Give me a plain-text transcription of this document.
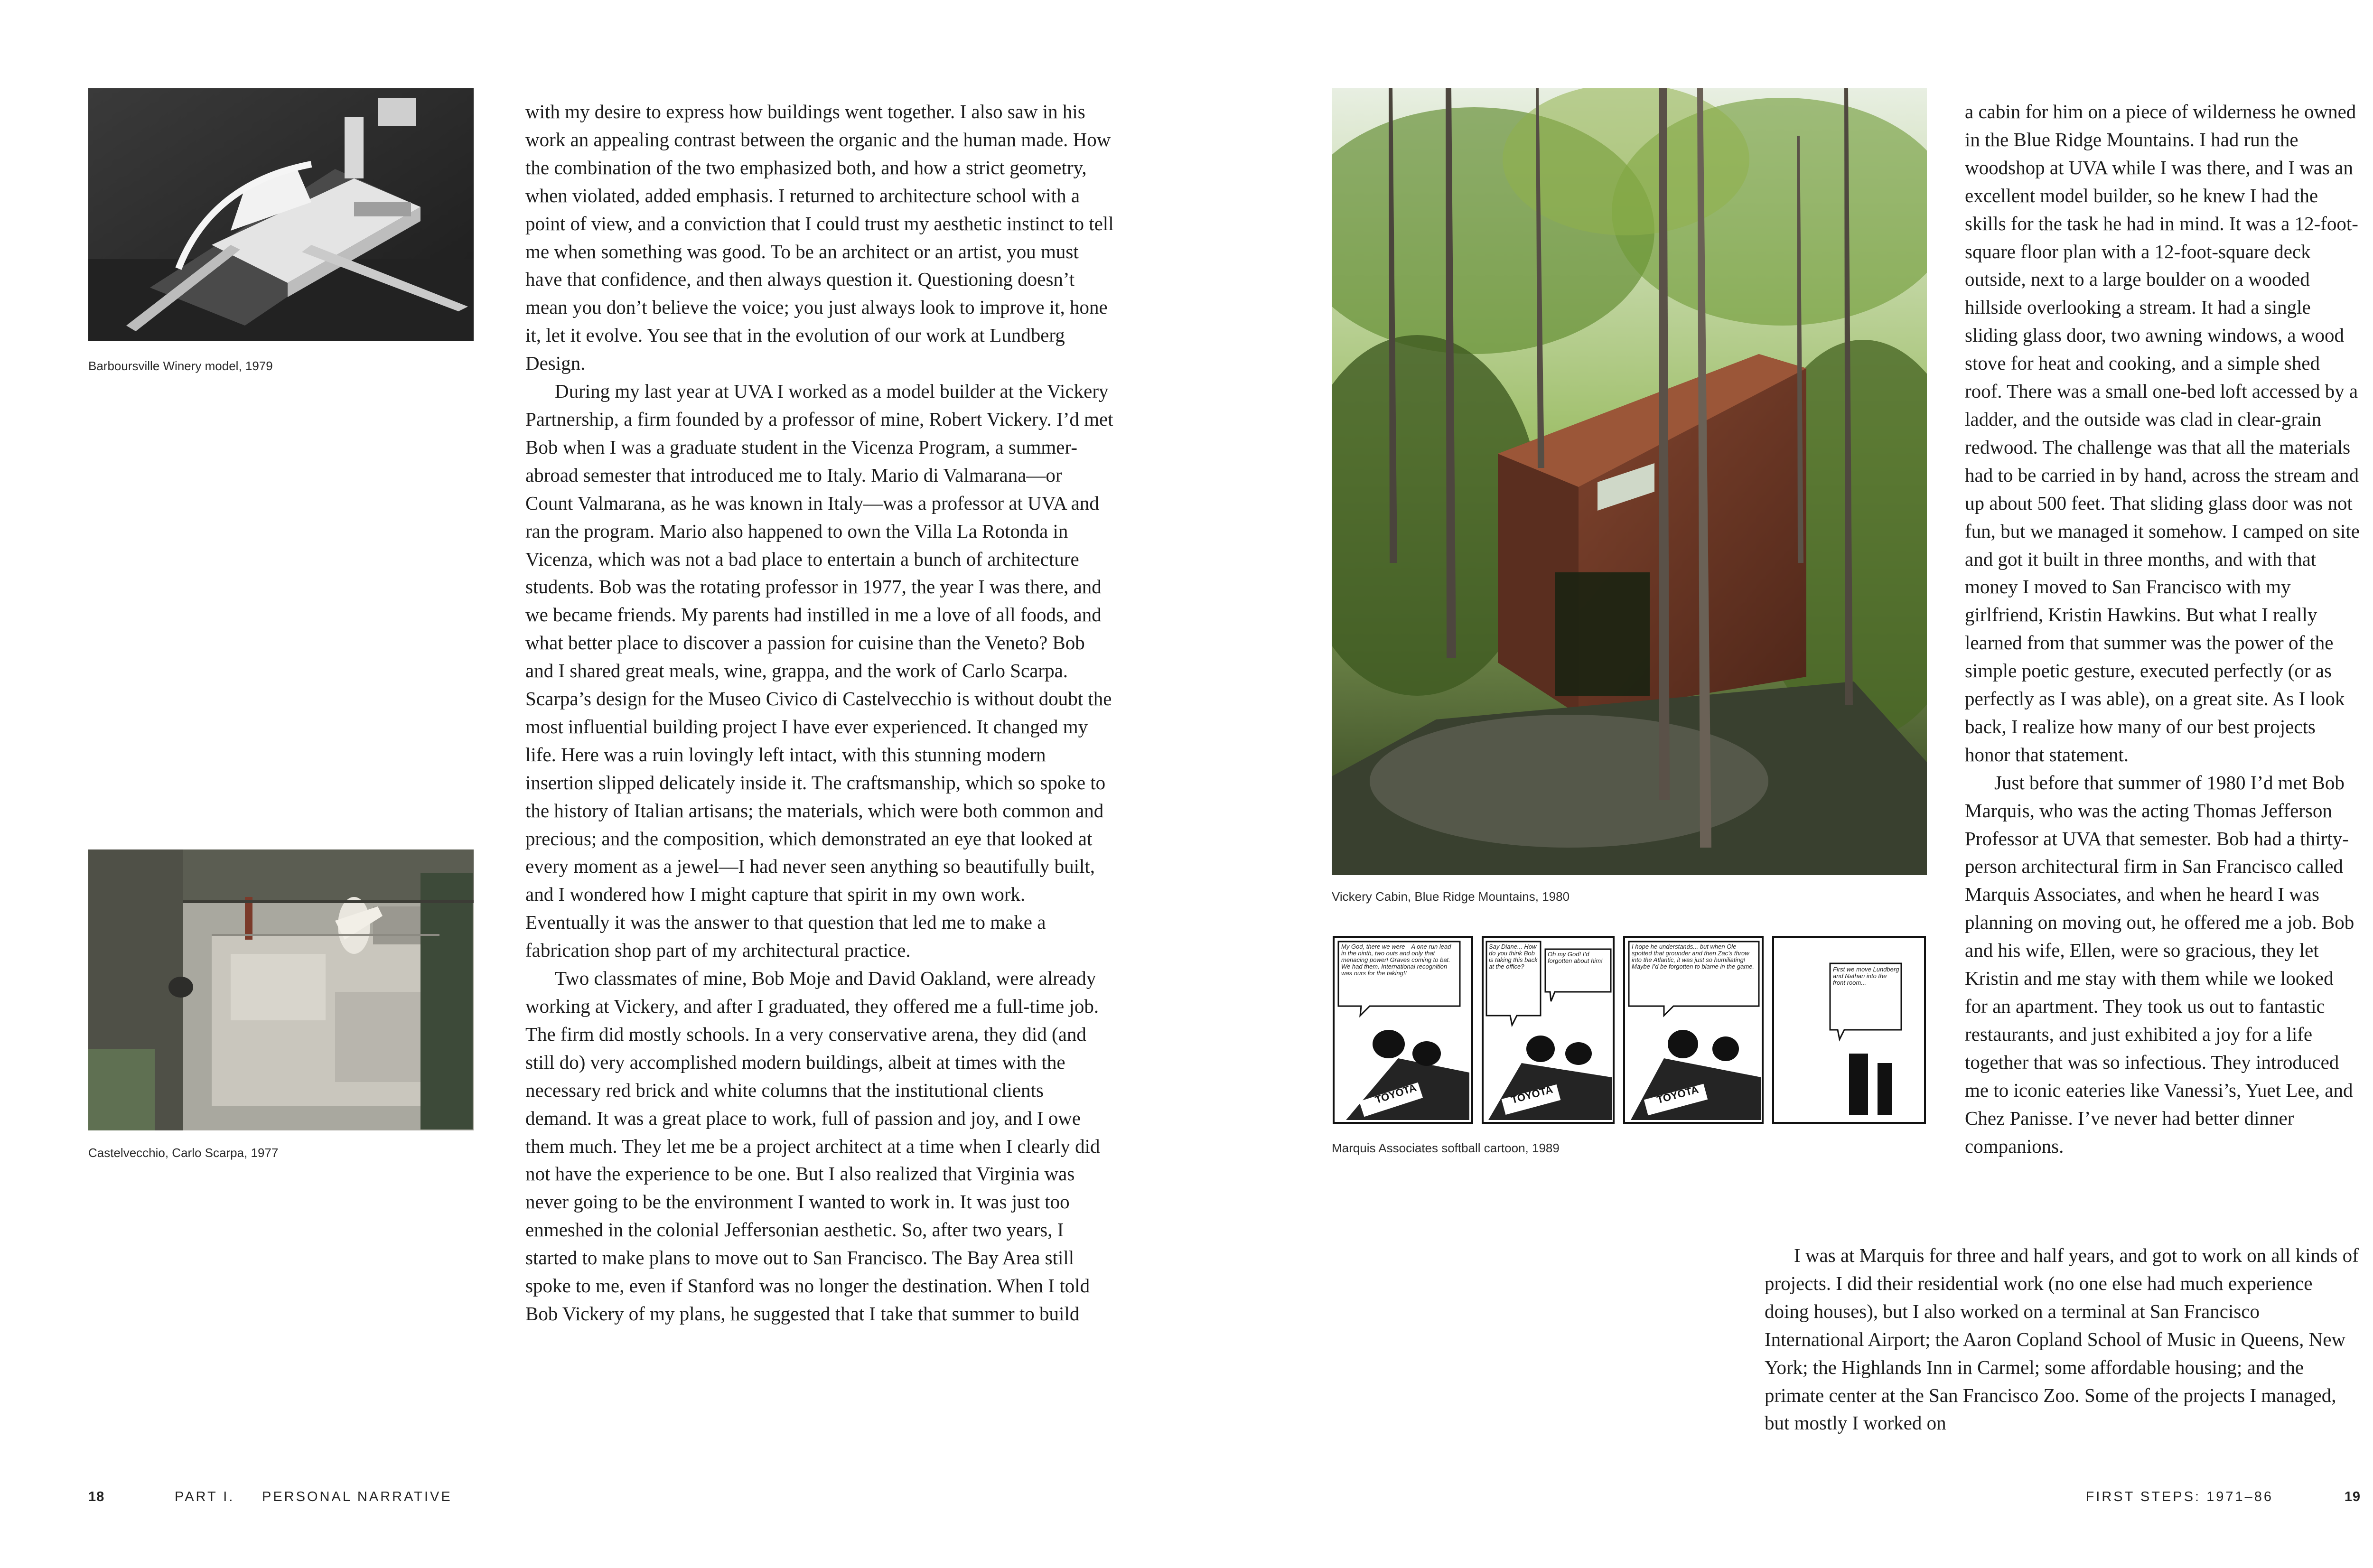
Barboursville Winery model, 1979
Castelvecchio, Carlo Scarpa, 1977

with my desire to express how buildings went together. I also saw in his work an appealing contrast between the organic and the human made. How the combination of the two emphasized both, and how a strict geometry, when violated, added emphasis. I returned to architecture school with a point of view, and a conviction that I could trust my aesthetic instinct to tell me when something was good. To be an architect or an artist, you must have that confidence, and then always question it. Questioning doesn’t mean you don’t believe the voice; you just always look to improve it, hone it, let it evolve. You see that in the evolution of our work at Lundberg Design.

During my last year at UVA I worked as a model builder at the Vickery Partnership, a firm founded by a professor of mine, Robert Vickery. I’d met Bob when I was a graduate student in the Vicenza Program, a summer-abroad semester that introduced me to Italy. Mario di Valmarana—or Count Valmarana, as he was known in Italy—was a professor at UVA and ran the program. Mario also happened to own the Villa La Rotonda in Vicenza, which was not a bad place to entertain a bunch of architecture students. Bob was the rotating professor in 1977, the year I was there, and we became friends. My parents had instilled in me a love of all foods, and what better place to discover a passion for cuisine than the Veneto? Bob and I shared great meals, wine, grappa, and the work of Carlo Scarpa. Scarpa’s design for the Museo Civico di Castelvecchio is without doubt the most influential building project I have ever experienced. It changed my life. Here was a ruin lovingly left intact, with this stunning modern insertion slipped delicately inside it. The craftsmanship, which so spoke to the history of Italian artisans; the materials, which were both common and precious; and the composition, which demonstrated an eye that looked at every moment as a jewel—I had never seen anything so beautifully built, and I wondered how I might capture that spirit in my own work. Eventually it was the answer to that question that led me to make a fabrication shop part of my architectural practice.

Two classmates of mine, Bob Moje and David Oakland, were already working at Vickery, and after I graduated, they offered me a full-time job. The firm did mostly schools. In a very conservative arena, they did (and still do) very accomplished modern buildings, albeit at times with the necessary red brick and white columns that the institutional clients demand. It was a great place to work, full of passion and joy, and I owe them much. They let me be a project architect at a time when I clearly did not have the experience to be one. But I also realized that Virginia was never going to be the environment I wanted to work in. It was just too enmeshed in the colonial Jeffersonian aesthetic. So, after two years, I started to make plans to move out to San Francisco. The Bay Area still spoke to me, even if Stanford was no longer the destination. When I told Bob Vickery of my plans, he suggested that I take that summer to build

18	PART I. PERSONAL NARRATIVE
Vickery Cabin, Blue Ridge Mountains, 1980
My God, there we were—A one run lead in the ninth, two outs and only that menacing power! Graves coming to bat. We had them. International recognition was ours for the taking!!
Say Diane... How do you think Bob is taking this back at the office?
Oh my God! I’d forgotten about him!
I hope he understands... but when Ole spotted that grounder and then Zac’s throw into the Atlantic, it was just so humiliating! Maybe I’d be forgotten to blame in the game.	First we move Lundberg and Nathan into the front room...
TOYOTA	TOYOTA	TOYOTA
Marquis Associates softball cartoon, 1989

a cabin for him on a piece of wilderness he owned in the Blue Ridge Mountains. I had run the woodshop at UVA while I was there, and I was an excellent model builder, so he knew I had the skills for the task he had in mind. It was a 12-foot-square floor plan with a 12-foot-square deck outside, next to a large boulder on a wooded hillside overlooking a stream. It had a single sliding glass door, two awning windows, a wood stove for heat and cooking, and a simple shed roof. There was a small one-bed loft accessed by a ladder, and the outside was clad in clear-grain redwood. The challenge was that all the materials had to be carried in by hand, across the stream and up about 500 feet. That sliding glass door was not fun, but we managed it somehow. I camped on site and got it built in three months, and with that money I moved to San Francisco with my girlfriend, Kristin Hawkins. But what I really learned from that summer was the power of the simple poetic gesture, executed perfectly (or as perfectly as I was able), on a great site. As I look back, I realize how many of our best projects honor that statement.

Just before that summer of 1980 I’d met Bob Marquis, who was the acting Thomas Jefferson Professor at UVA that semester. Bob had a thirty-person architectural firm in San Francisco called Marquis Associates, and when he heard I was planning on moving out, he offered me a job. Bob and his wife, Ellen, were so gracious, they let Kristin and me stay with them while we looked for an apartment. They took us out to fantastic restaurants, and just exhibited a joy for a life together that was so infectious. They introduced me to iconic eateries like Vanessi’s, Yuet Lee, and Chez Panisse. I’ve never had better dinner companions.

I was at Marquis for three and half years, and got to work on all kinds of projects. I did their residential work (no one else had much experience doing houses), but I also worked on a terminal at San Francisco International Airport; the Aaron Copland School of Music in Queens, New York; the Highlands Inn in Carmel; some affordable housing; and the primate center at the San Francisco Zoo. Some of the projects I managed, but mostly I worked on

FIRST STEPS: 1971–86	19
